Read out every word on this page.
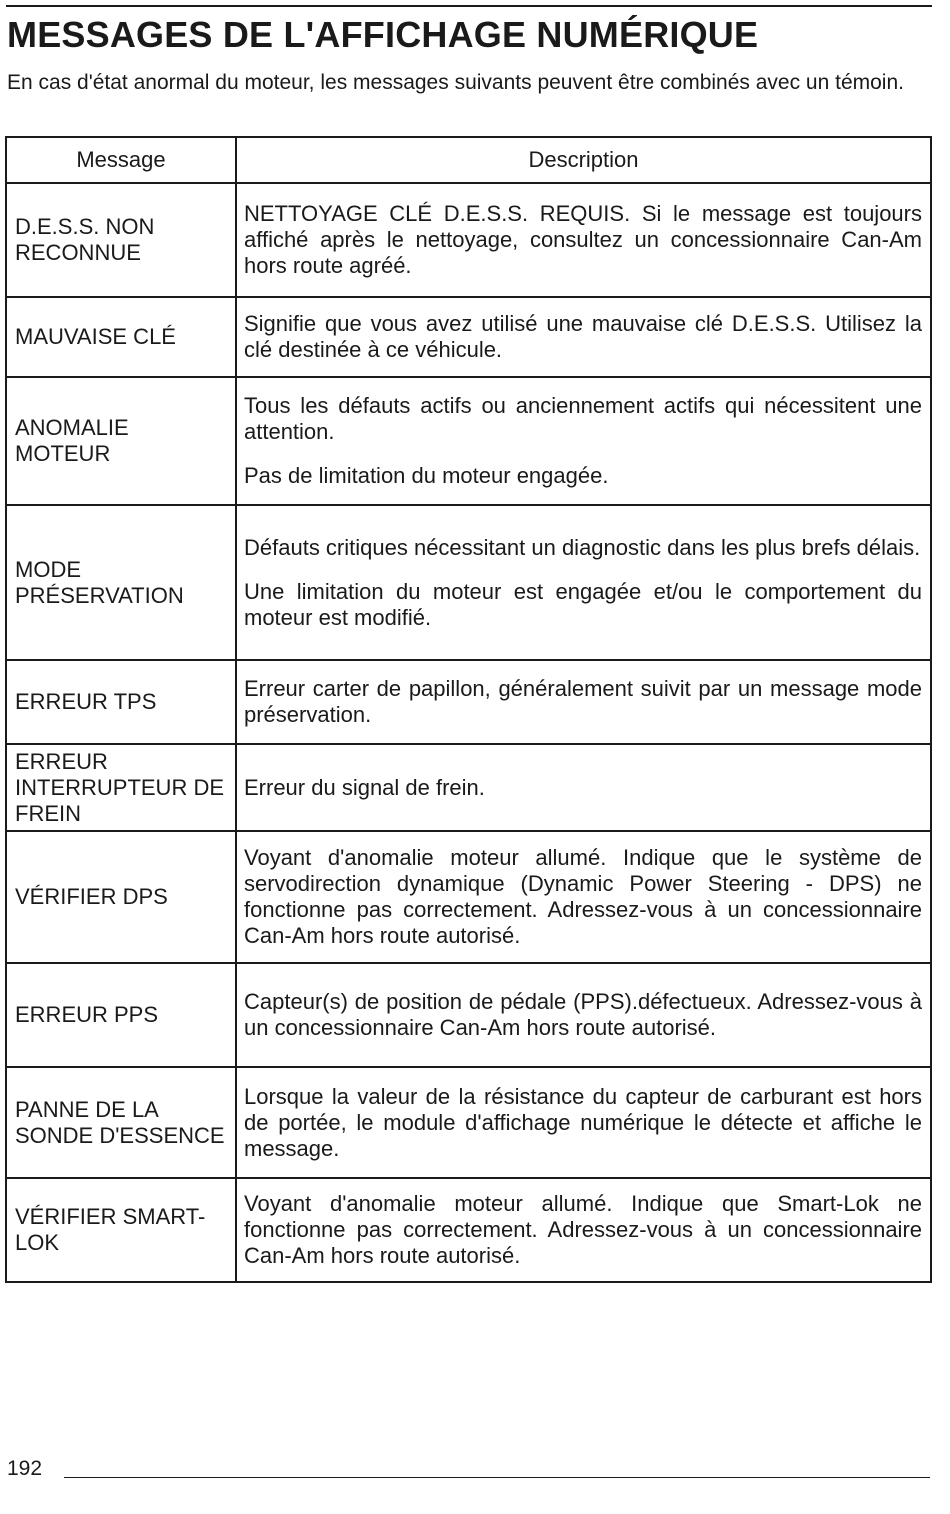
MESSAGES DE L'AFFICHAGE NUMÉRIQUE

En cas d'état anormal du moteur, les messages suivants peuvent être combinés avec un témoin.

Message	Description
D.E.S.S. NON RECONNUE	NETTOYAGE CLÉ D.E.S.S. REQUIS. Si le message est toujours affiché après le nettoyage, consultez un concessionnaire Can-Am hors route agréé.

MAUVAISE CLÉ	Signifie que vous avez utilisé une mauvaise clé D.E.S.S. Utilisez la clé destinée à ce véhicule.

ANOMALIE MOTEUR	Tous les défauts actifs ou anciennement actifs qui nécessitent une attention.

Pas de limitation du moteur engagée.

MODE PRÉSERVATION	Défauts critiques nécessitant un diagnostic dans les plus brefs délais.

Une limitation du moteur est engagée et/ou le comportement du moteur est modifié.

ERREUR TPS	Erreur carter de papillon, généralement suivit par un message mode préservation.

ERREUR INTERRUPTEUR DE FREIN	Erreur du signal de frein.

VÉRIFIER DPS	Voyant d'anomalie moteur allumé. Indique que le système de servodirection dynamique (Dynamic Power Steering - DPS) ne fonctionne pas correctement. Adressez-vous à un concessionnaire Can-Am hors route autorisé.

ERREUR PPS	Capteur(s) de position de pédale (PPS).défectueux. Adressez-vous à un concessionnaire Can-Am hors route autorisé.

PANNE DE LA SONDE D'ESSENCE	Lorsque la valeur de la résistance du capteur de carburant est hors de portée, le module d'affichage numérique le détecte et affiche le message.

VÉRIFIER SMART-LOK	Voyant d'anomalie moteur allumé. Indique que Smart-Lok ne fonctionne pas correctement. Adressez-vous à un concessionnaire Can-Am hors route autorisé.

192
